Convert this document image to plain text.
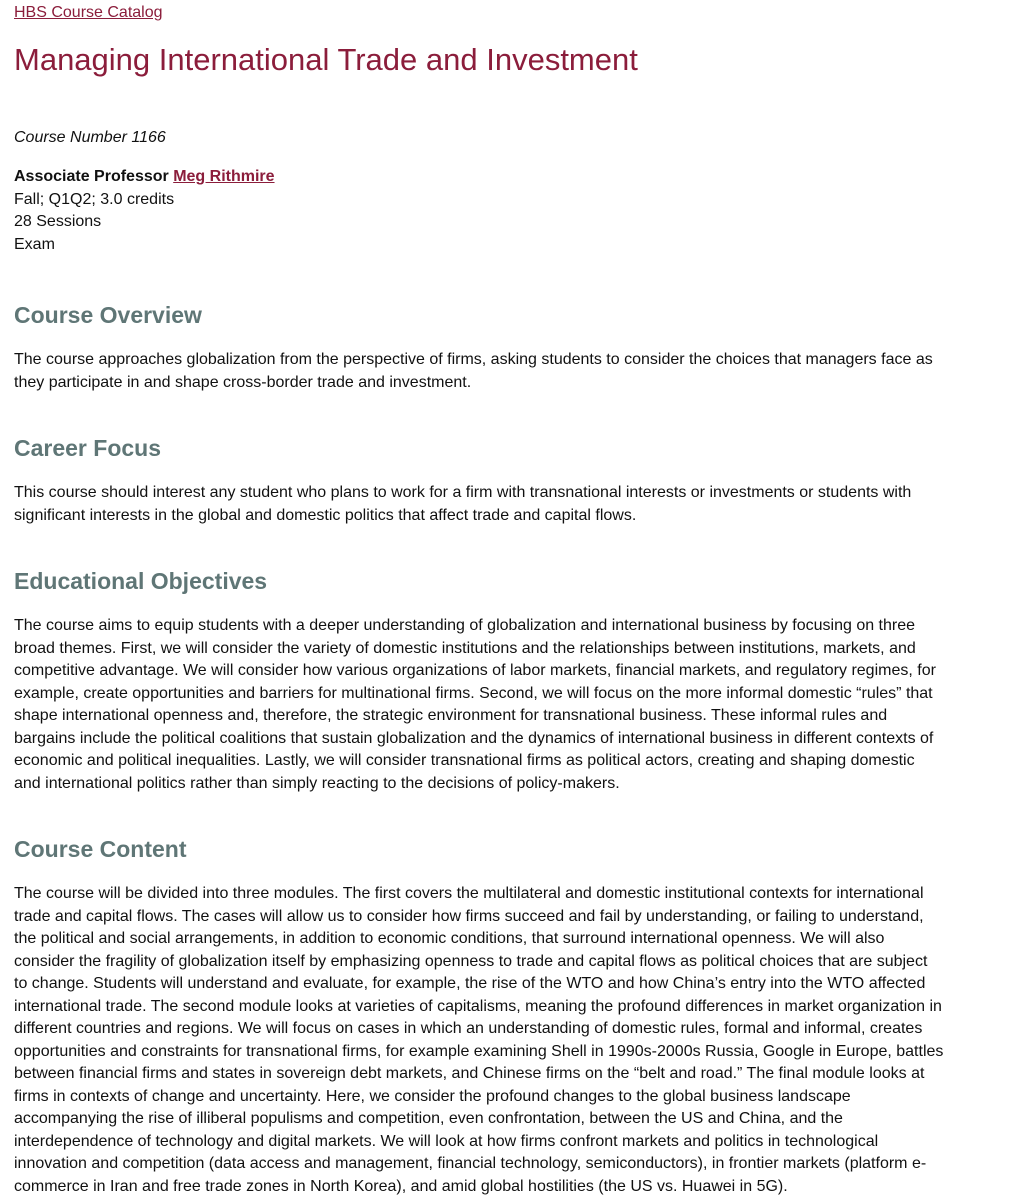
HBS Course Catalog
Managing International Trade and Investment
Course Number 1166
Associate Professor Meg Rithmire
Fall; Q1Q2; 3.0 credits
28 Sessions
Exam
Course Overview

The course approaches globalization from the perspective of firms, asking students to consider the choices that managers face as they participate in and shape cross-border trade and investment.

Career Focus

This course should interest any student who plans to work for a firm with transnational interests or investments or students with significant interests in the global and domestic politics that affect trade and capital flows.

Educational Objectives

The course aims to equip students with a deeper understanding of globalization and international business by focusing on three broad themes. First, we will consider the variety of domestic institutions and the relationships between institutions, markets, and competitive advantage. We will consider how various organizations of labor markets, financial markets, and regulatory regimes, for example, create opportunities and barriers for multinational firms. Second, we will focus on the more informal domestic “rules” that shape international openness and, therefore, the strategic environment for transnational business. These informal rules and bargains include the political coalitions that sustain globalization and the dynamics of international business in different contexts of economic and political inequalities. Lastly, we will consider transnational firms as political actors, creating and shaping domestic and international politics rather than simply reacting to the decisions of policy-makers.

Course Content

The course will be divided into three modules. The first covers the multilateral and domestic institutional contexts for international trade and capital flows. The cases will allow us to consider how firms succeed and fail by understanding, or failing to understand, the political and social arrangements, in addition to economic conditions, that surround international openness. We will also consider the fragility of globalization itself by emphasizing openness to trade and capital flows as political choices that are subject to change. Students will understand and evaluate, for example, the rise of the WTO and how China’s entry into the WTO affected international trade. The second module looks at varieties of capitalisms, meaning the profound differences in market organization in different countries and regions. We will focus on cases in which an understanding of domestic rules, formal and informal, creates opportunities and constraints for transnational firms, for example examining Shell in 1990s-2000s Russia, Google in Europe, battles between financial firms and states in sovereign debt markets, and Chinese firms on the “belt and road.” The final module looks at firms in contexts of change and uncertainty. Here, we consider the profound changes to the global business landscape accompanying the rise of illiberal populisms and competition, even confrontation, between the US and China, and the interdependence of technology and digital markets. We will look at how firms confront markets and politics in technological innovation and competition (data access and management, financial technology, semiconductors), in frontier markets (platform e-commerce in Iran and free trade zones in North Korea), and amid global hostilities (the US vs. Huawei in 5G).
